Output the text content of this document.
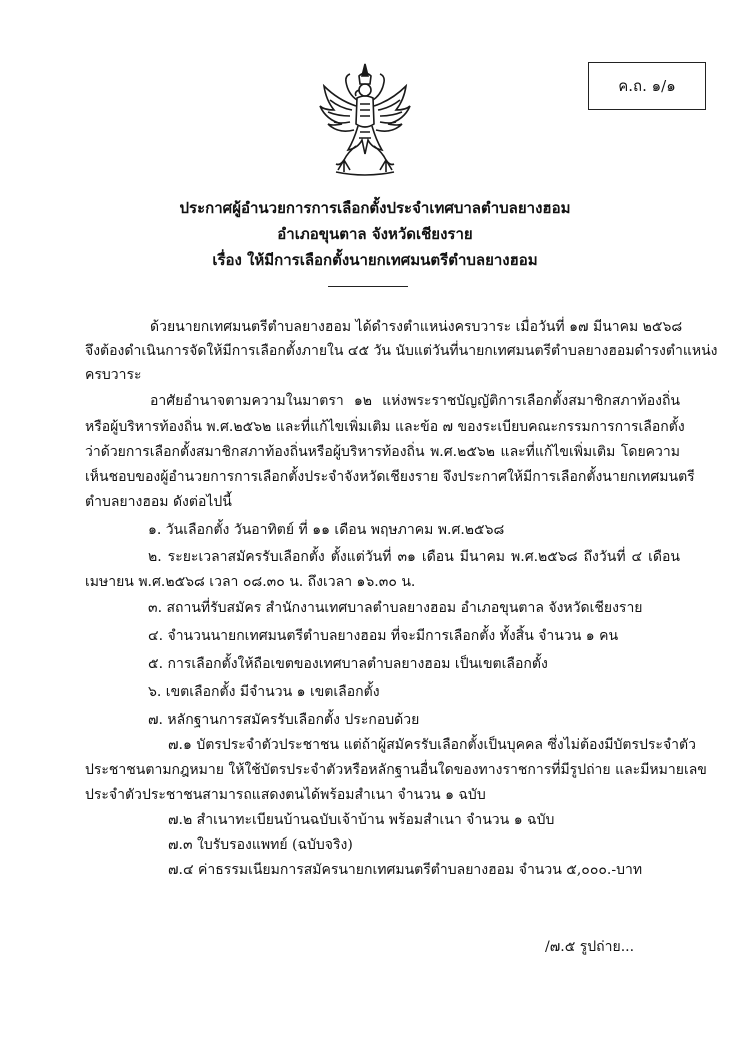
ค.ถ. ๑/๑
ประกาศผู้อำนวยการการเลือกตั้งประจำเทศบาลตำบลยางฮอม
อำเภอขุนตาล จังหวัดเชียงราย
เรื่อง ให้มีการเลือกตั้งนายกเทศมนตรีตำบลยางฮอม
ด้วยนายกเทศมนตรีตำบลยางฮอม ได้ดำรงตำแหน่งครบวาระ เมื่อวันที่ ๑๗ มีนาคม ๒๕๖๘
จึงต้องดำเนินการจัดให้มีการเลือกตั้งภายใน ๔๕ วัน นับแต่วันที่นายกเทศมนตรีตำบลยางฮอมดำรงตำแหน่ง
ครบวาระ
อาศัยอำนาจตามความในมาตรา ๑๒ แห่งพระราชบัญญัติการเลือกตั้งสมาชิกสภาท้องถิ่น
หรือผู้บริหารท้องถิ่น พ.ศ.๒๕๖๒ และที่แก้ไขเพิ่มเติม และข้อ ๗ ของระเบียบคณะกรรมการการเลือกตั้ง
ว่าด้วยการเลือกตั้งสมาชิกสภาท้องถิ่นหรือผู้บริหารท้องถิ่น พ.ศ.๒๕๖๒ และที่แก้ไขเพิ่มเติม โดยความ
เห็นชอบของผู้อำนวยการการเลือกตั้งประจำจังหวัดเชียงราย จึงประกาศให้มีการเลือกตั้งนายกเทศมนตรี
ตำบลยางฮอม ดังต่อไปนี้
๑. วันเลือกตั้ง วันอาทิตย์ ที่ ๑๑ เดือน พฤษภาคม พ.ศ.๒๕๖๘
๒. ระยะเวลาสมัครรับเลือกตั้ง ตั้งแต่วันที่ ๓๑ เดือน มีนาคม พ.ศ.๒๕๖๘ ถึงวันที่ ๔ เดือน
เมษายน พ.ศ.๒๕๖๘ เวลา ๐๘.๓๐ น. ถึงเวลา ๑๖.๓๐ น.
๓. สถานที่รับสมัคร สำนักงานเทศบาลตำบลยางฮอม อำเภอขุนตาล จังหวัดเชียงราย
๔. จำนวนนายกเทศมนตรีตำบลยางฮอม ที่จะมีการเลือกตั้ง ทั้งสิ้น จำนวน ๑ คน
๕. การเลือกตั้งให้ถือเขตของเทศบาลตำบลยางฮอม เป็นเขตเลือกตั้ง
๖. เขตเลือกตั้ง มีจำนวน ๑ เขตเลือกตั้ง
๗. หลักฐานการสมัครรับเลือกตั้ง ประกอบด้วย
๗.๑ บัตรประจำตัวประชาชน แต่ถ้าผู้สมัครรับเลือกตั้งเป็นบุคคล ซึ่งไม่ต้องมีบัตรประจำตัว
ประชาชนตามกฎหมาย ให้ใช้บัตรประจำตัวหรือหลักฐานอื่นใดของทางราชการที่มีรูปถ่าย และมีหมายเลข
ประจำตัวประชาชนสามารถแสดงตนได้พร้อมสำเนา จำนวน ๑ ฉบับ
๗.๒ สำเนาทะเบียนบ้านฉบับเจ้าบ้าน พร้อมสำเนา จำนวน ๑ ฉบับ
๗.๓ ใบรับรองแพทย์ (ฉบับจริง)
๗.๔ ค่าธรรมเนียมการสมัครนายกเทศมนตรีตำบลยางฮอม จำนวน ๕,๐๐๐.-บาท
/๗.๕ รูปถ่าย...
